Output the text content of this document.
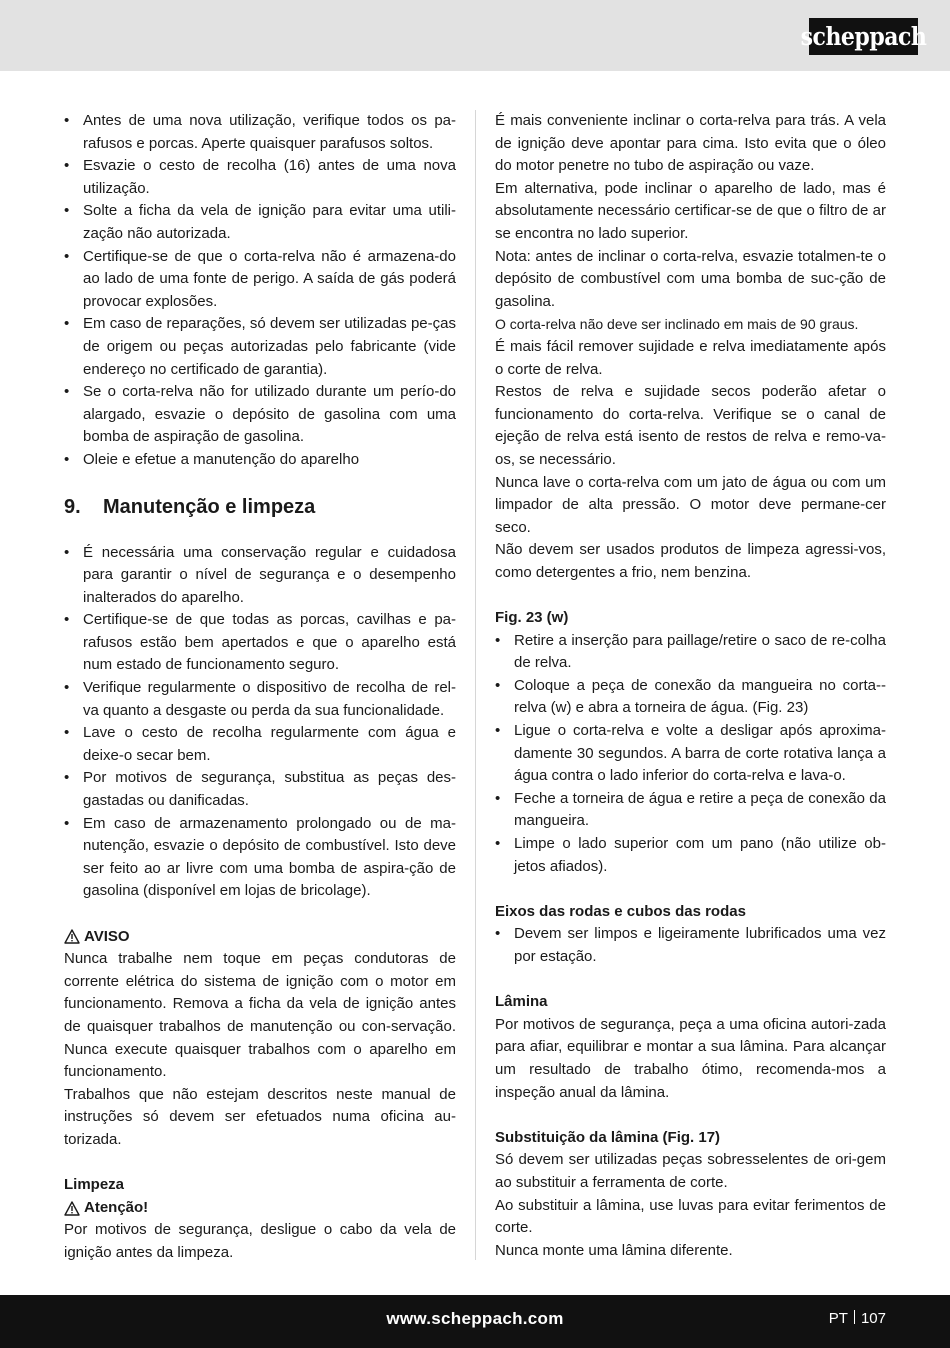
scheppach
• Antes de uma nova utilização, verifique todos os pa-rafusos e porcas. Aperte quaisquer parafusos soltos.
• Esvazie o cesto de recolha (16) antes de uma nova utilização.
• Solte a ficha da vela de ignição para evitar uma utili-zação não autorizada.
• Certifique-se de que o corta-relva não é armazena-do ao lado de uma fonte de perigo. A saída de gás poderá provocar explosões.
• Em caso de reparações, só devem ser utilizadas pe-ças de origem ou peças autorizadas pelo fabricante (vide endereço no certificado de garantia).
• Se o corta-relva não for utilizado durante um perío-do alargado, esvazie o depósito de gasolina com uma bomba de aspiração de gasolina.
• Oleie e efetue a manutenção do aparelho
9. Manutenção e limpeza
• É necessária uma conservação regular e cuidadosa para garantir o nível de segurança e o desempenho inalterados do aparelho.
• Certifique-se de que todas as porcas, cavilhas e pa-rafusos estão bem apertados e que o aparelho está num estado de funcionamento seguro.
• Verifique regularmente o dispositivo de recolha de rel-va quanto a desgaste ou perda da sua funcionalidade.
• Lave o cesto de recolha regularmente com água e deixe-o secar bem.
• Por motivos de segurança, substitua as peças des-gastadas ou danificadas.
• Em caso de armazenamento prolongado ou de ma-nutenção, esvazie o depósito de combustível. Isto deve ser feito ao ar livre com uma bomba de aspira-ção de gasolina (disponível em lojas de bricolage).
AVISO

Nunca trabalhe nem toque em peças condutoras de corrente elétrica do sistema de ignição com o motor em funcionamento. Remova a ficha da vela de ignição antes de quaisquer trabalhos de manutenção ou con-servação. Nunca execute quaisquer trabalhos com o aparelho em funcionamento.

Trabalhos que não estejam descritos neste manual de instruções só devem ser efetuados numa oficina au-torizada.

Limpeza
Atenção!

Por motivos de segurança, desligue o cabo da vela de ignição antes da limpeza.

É mais conveniente inclinar o corta-relva para trás. A vela de ignição deve apontar para cima. Isto evita que o óleo do motor penetre no tubo de aspiração ou vaze.

Em alternativa, pode inclinar o aparelho de lado, mas é absolutamente necessário certificar-se de que o filtro de ar se encontra no lado superior.

Nota: antes de inclinar o corta-relva, esvazie totalmen-te o depósito de combustível com uma bomba de suc-ção de gasolina.

O corta-relva não deve ser inclinado em mais de 90 graus.

É mais fácil remover sujidade e relva imediatamente após o corte de relva.

Restos de relva e sujidade secos poderão afetar o funcionamento do corta-relva. Verifique se o canal de ejeção de relva está isento de restos de relva e remo-va-os, se necessário.

Nunca lave o corta-relva com um jato de água ou com um limpador de alta pressão. O motor deve permane-cer seco.

Não devem ser usados produtos de limpeza agressi-vos, como detergentes a frio, nem benzina.

Fig. 23 (w)
• Retire a inserção para paillage/retire o saco de re-colha de relva.
• Coloque a peça de conexão da mangueira no corta--relva (w) e abra a torneira de água. (Fig. 23)
• Ligue o corta-relva e volte a desligar após aproxima-damente 30 segundos. A barra de corte rotativa lança a água contra o lado inferior do corta-relva e lava-o.
• Feche a torneira de água e retire a peça de conexão da mangueira.
• Limpe o lado superior com um pano (não utilize ob-jetos afiados).
Eixos das rodas e cubos das rodas
• Devem ser limpos e ligeiramente lubrificados uma vez por estação.
Lâmina

Por motivos de segurança, peça a uma oficina autori-zada para afiar, equilibrar e montar a sua lâmina. Para alcançar um resultado de trabalho ótimo, recomenda-mos a inspeção anual da lâmina.

Substituição da lâmina (Fig. 17)

Só devem ser utilizadas peças sobresselentes de ori-gem ao substituir a ferramenta de corte.

Ao substituir a lâmina, use luvas para evitar ferimentos de corte.

Nunca monte uma lâmina diferente.

www.scheppach.com	PT 107
